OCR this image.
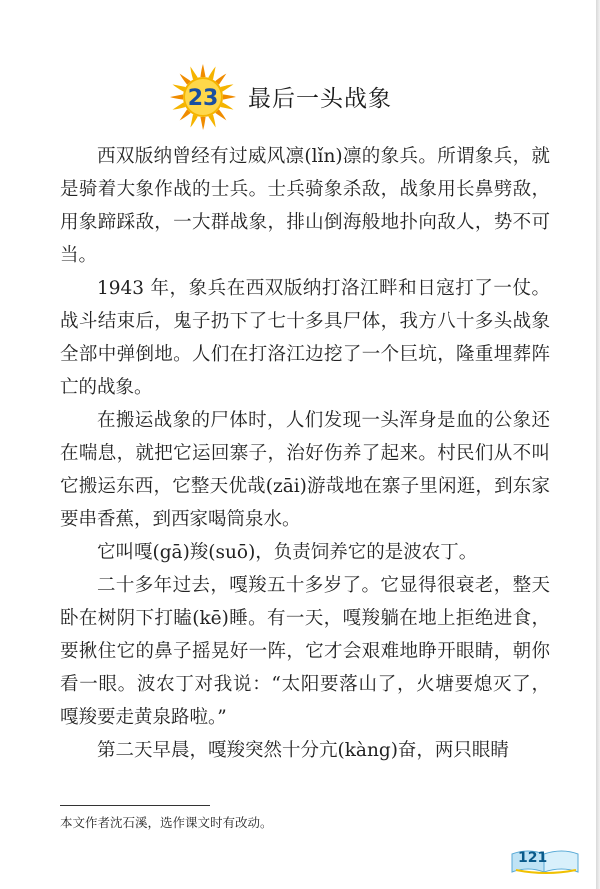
23 最后一头战象

西双版纳曾经有过威风凛(lǐn)凛的象兵。所谓象兵，就是骑着大象作战的士兵。士兵骑象杀敌，战象用长鼻劈敌，用象蹄踩敌，一大群战象，排山倒海般地扑向敌人，势不可当。

1943 年，象兵在西双版纳打洛江畔和日寇打了一仗。战斗结束后，鬼子扔下了七十多具尸体，我方八十多头战象全部中弹倒地。人们在打洛江边挖了一个巨坑，隆重埋葬阵亡的战象。

在搬运战象的尸体时，人们发现一头浑身是血的公象还在喘息，就把它运回寨子，治好伤养了起来。村民们从不叫它搬运东西，它整天优哉(zāi)游哉地在寨子里闲逛，到东家要串香蕉，到西家喝筒泉水。

它叫嘎(gā)羧(suō)，负责饲养它的是波农丁。

二十多年过去，嘎羧五十多岁了。它显得很衰老，整天卧在树阴下打瞌(kē)睡。有一天，嘎羧躺在地上拒绝进食，要揪住它的鼻子摇晃好一阵，它才会艰难地睁开眼睛，朝你看一眼。波农丁对我说：“太阳要落山了，火塘要熄灭了，嘎羧要走黄泉路啦。”

第二天早晨，嘎羧突然十分亢(kàng)奋，两只眼睛

本文作者沈石溪，选作课文时有改动。
121
